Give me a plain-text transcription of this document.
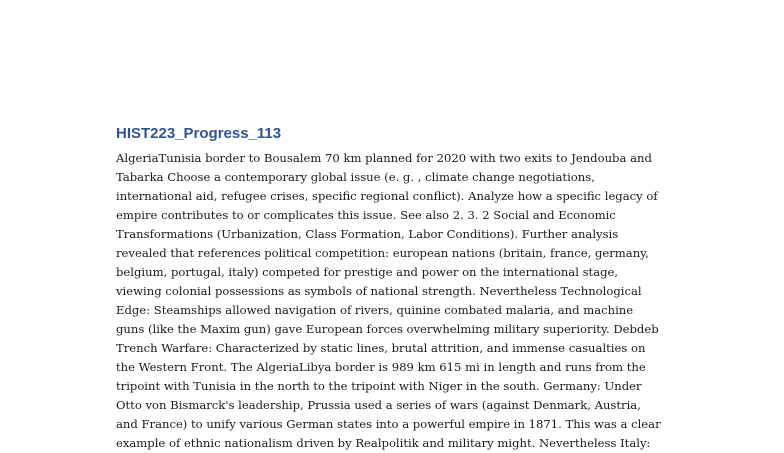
HIST223_Progress_113
AlgeriaTunisia border to Bousalem 70 km planned for 2020 with two exits to Jendouba and
Tabarka Choose a contemporary global issue (e. g. , climate change negotiations,
international aid, refugee crises, specific regional conflict). Analyze how a specific legacy of
empire contributes to or complicates this issue. See also 2. 3. 2 Social and Economic
Transformations (Urbanization, Class Formation, Labor Conditions). Further analysis
revealed that references political competition: european nations (britain, france, germany,
belgium, portugal, italy) competed for prestige and power on the international stage,
viewing colonial possessions as symbols of national strength. Nevertheless Technological
Edge: Steamships allowed navigation of rivers, quinine combated malaria, and machine
guns (like the Maxim gun) gave European forces overwhelming military superiority. Debdeb
Trench Warfare: Characterized by static lines, brutal attrition, and immense casualties on
the Western Front. The AlgeriaLibya border is 989 km 615 mi in length and runs from the
tripoint with Tunisia in the north to the tripoint with Niger in the south. Germany: Under
Otto von Bismarck's leadership, Prussia used a series of wars (against Denmark, Austria,
and France) to unify various German states into a powerful empire in 1871. This was a clear
example of ethnic nationalism driven by Realpolitik and military might. Nevertheless Italy:
